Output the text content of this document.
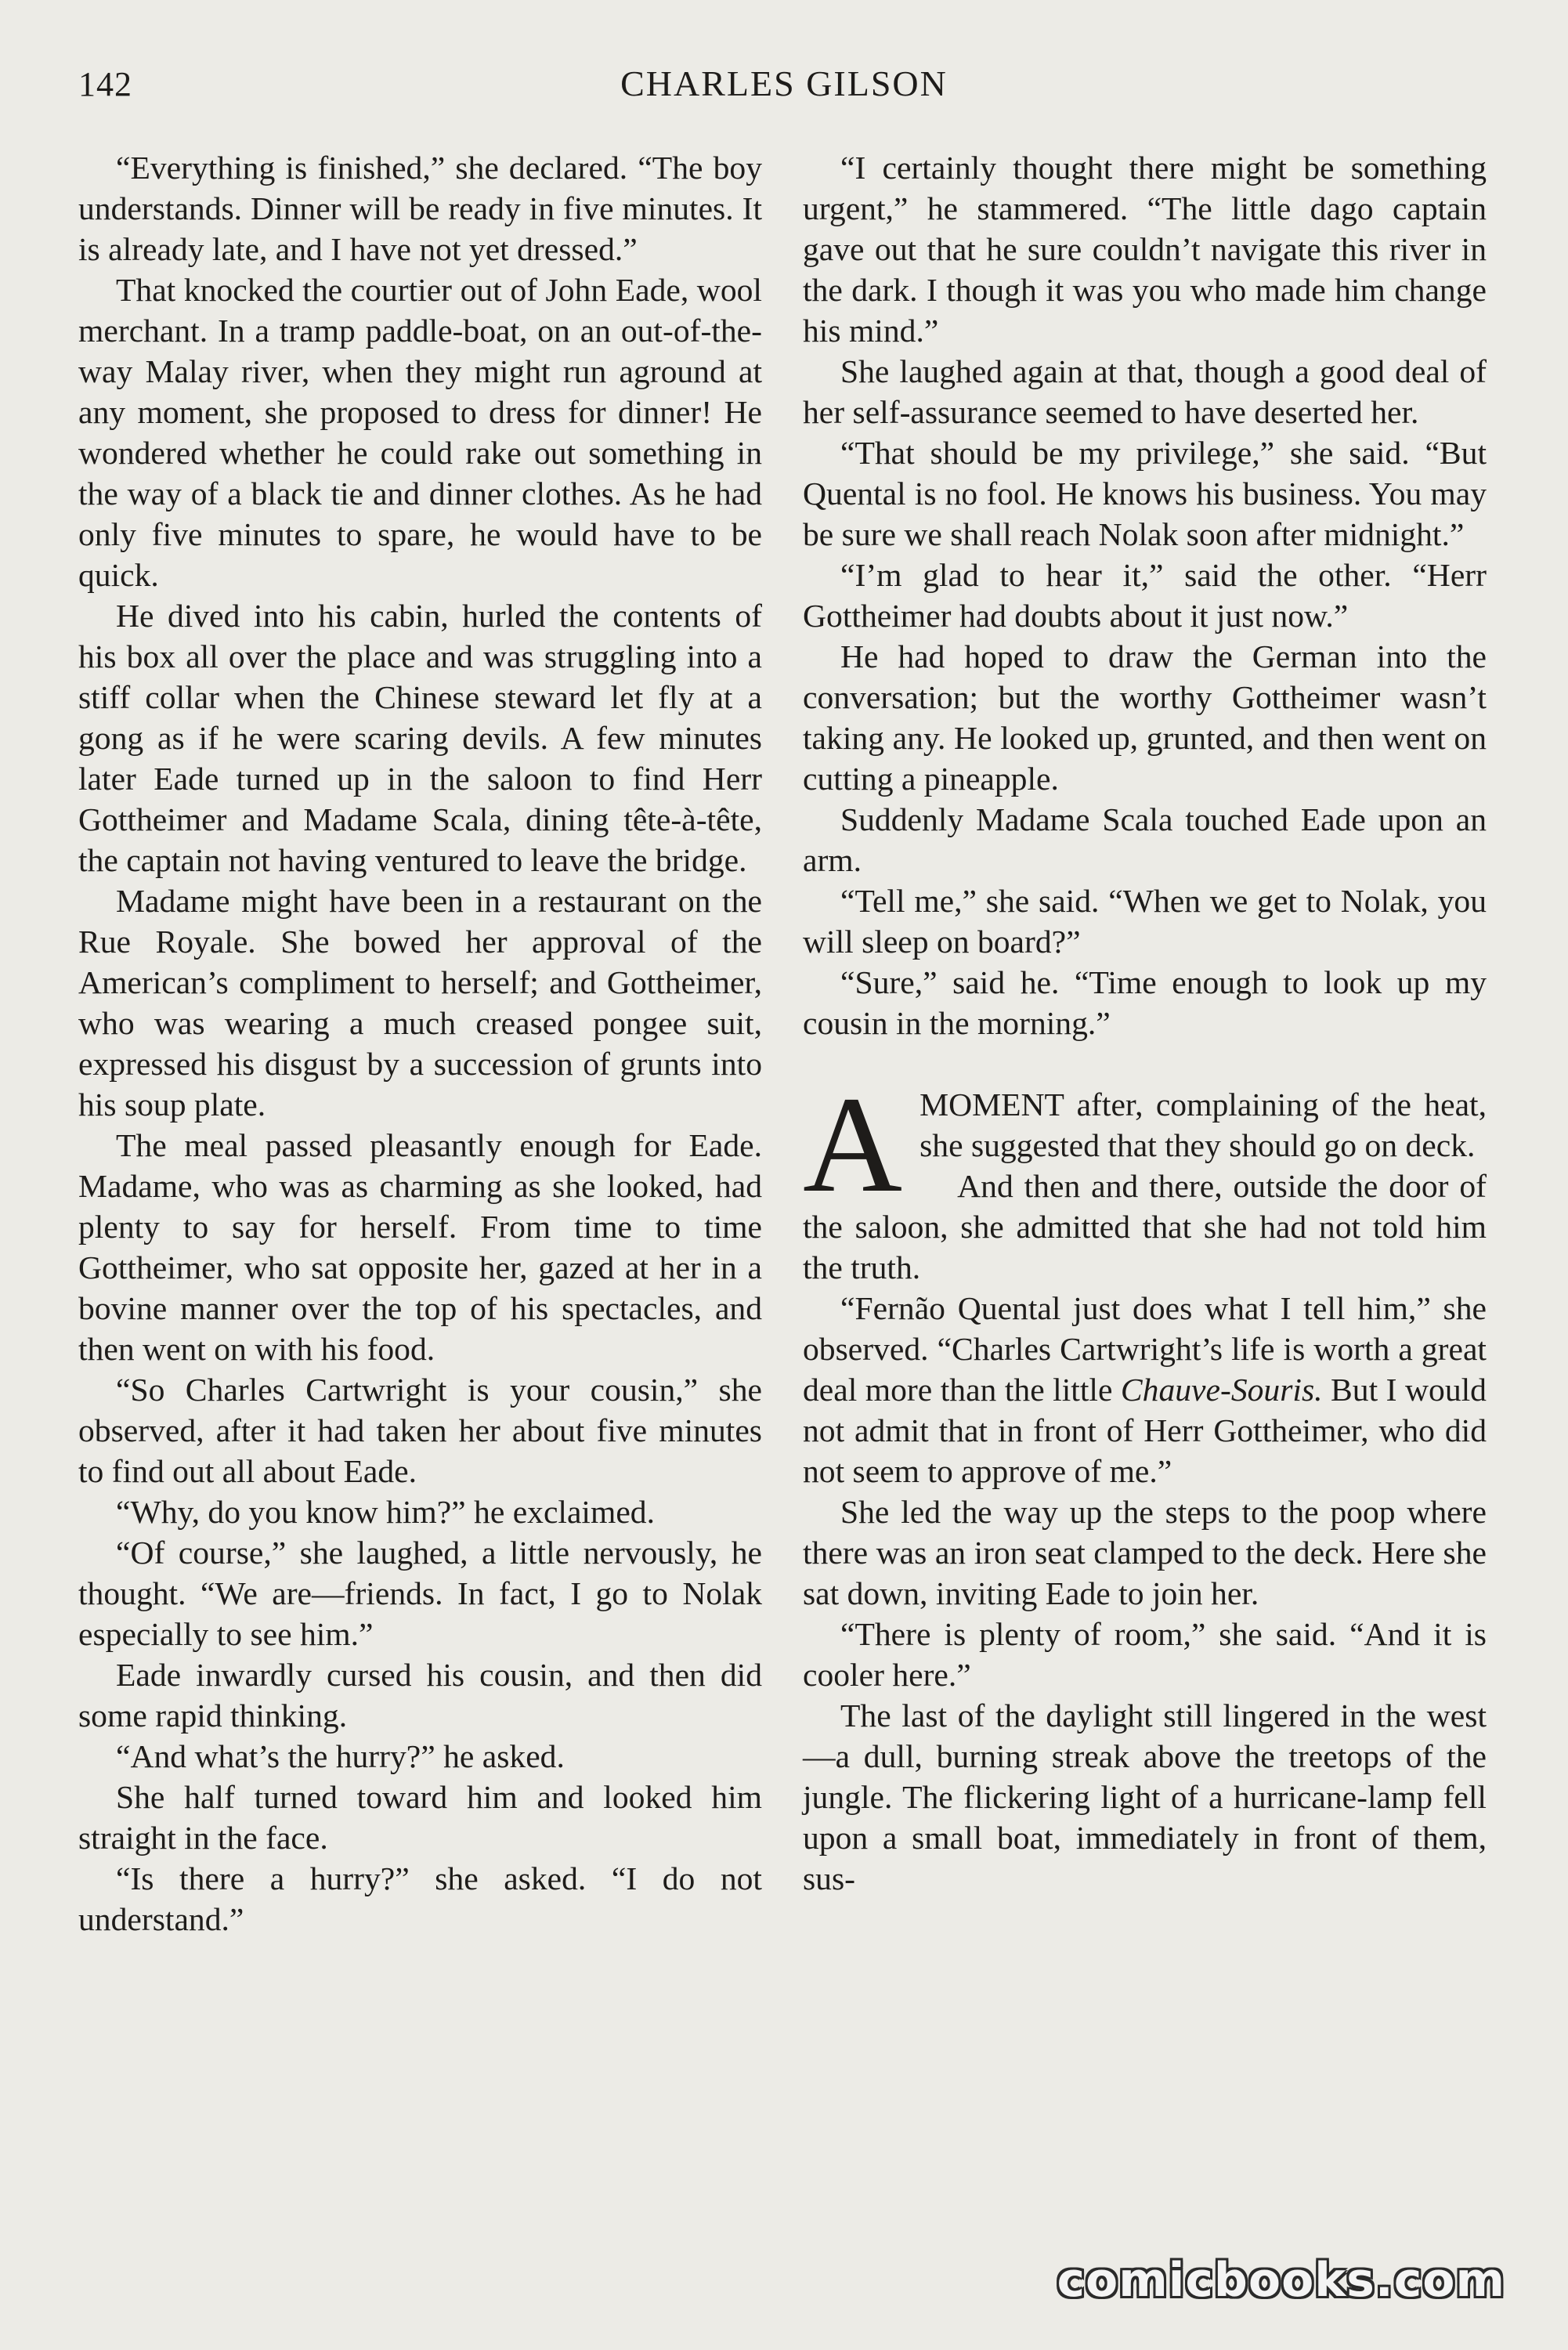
142	CHARLES GILSON

“Everything is finished,” she declared. “The boy understands. Dinner will be ready in five minutes. It is already late, and I have not yet dressed.”

That knocked the courtier out of John Eade, wool merchant. In a tramp paddle-boat, on an out-of-the-way Malay river, when they might run aground at any moment, she proposed to dress for dinner! He wondered whether he could rake out something in the way of a black tie and dinner clothes. As he had only five minutes to spare, he would have to be quick.

He dived into his cabin, hurled the contents of his box all over the place and was struggling into a stiff collar when the Chinese steward let fly at a gong as if he were scaring devils. A few minutes later Eade turned up in the saloon to find Herr Gottheimer and Madame Scala, dining tête-à-tête, the captain not having ventured to leave the bridge.

Madame might have been in a restaurant on the Rue Royale. She bowed her approval of the American’s compliment to herself; and Gottheimer, who was wearing a much creased pongee suit, expressed his disgust by a succession of grunts into his soup plate.

The meal passed pleasantly enough for Eade. Madame, who was as charming as she looked, had plenty to say for herself. From time to time Gottheimer, who sat opposite her, gazed at her in a bovine manner over the top of his spectacles, and then went on with his food.

“So Charles Cartwright is your cousin,” she observed, after it had taken her about five minutes to find out all about Eade.

“Why, do you know him?” he exclaimed.

“Of course,” she laughed, a little nervously, he thought. “We are—friends. In fact, I go to Nolak especially to see him.”

Eade inwardly cursed his cousin, and then did some rapid thinking.

“And what’s the hurry?” he asked.

She half turned toward him and looked him straight in the face.

“Is there a hurry?” she asked. “I do not understand.”

“I certainly thought there might be something urgent,” he stammered. “The little dago captain gave out that he sure couldn’t navigate this river in the dark. I though it was you who made him change his mind.”

She laughed again at that, though a good deal of her self-assurance seemed to have deserted her.

“That should be my privilege,” she said. “But Quental is no fool. He knows his business. You may be sure we shall reach Nolak soon after midnight.”

“I’m glad to hear it,” said the other. “Herr Gottheimer had doubts about it just now.”

He had hoped to draw the German into the conversation; but the worthy Gottheimer wasn’t taking any. He looked up, grunted, and then went on cutting a pineapple.

Suddenly Madame Scala touched Eade upon an arm.

“Tell me,” she said. “When we get to Nolak, you will sleep on board?”

“Sure,” said he. “Time enough to look up my cousin in the morning.”

AMOMENT after, complaining of the heat, she suggested that they should go on deck.

And then and there, outside the door of the saloon, she admitted that she had not told him the truth.

“Fernão Quental just does what I tell him,” she observed. “Charles Cartwright’s life is worth a great deal more than the little Chauve-Souris. But I would not admit that in front of Herr Gottheimer, who did not seem to approve of me.”

She led the way up the steps to the poop where there was an iron seat clamped to the deck. Here she sat down, inviting Eade to join her.

“There is plenty of room,” she said. “And it is cooler here.”

The last of the daylight still lingered in the west—a dull, burning streak above the treetops of the jungle. The flickering light of a hurricane-lamp fell upon a small boat, immediately in front of them, sus-

comicbooks.com
